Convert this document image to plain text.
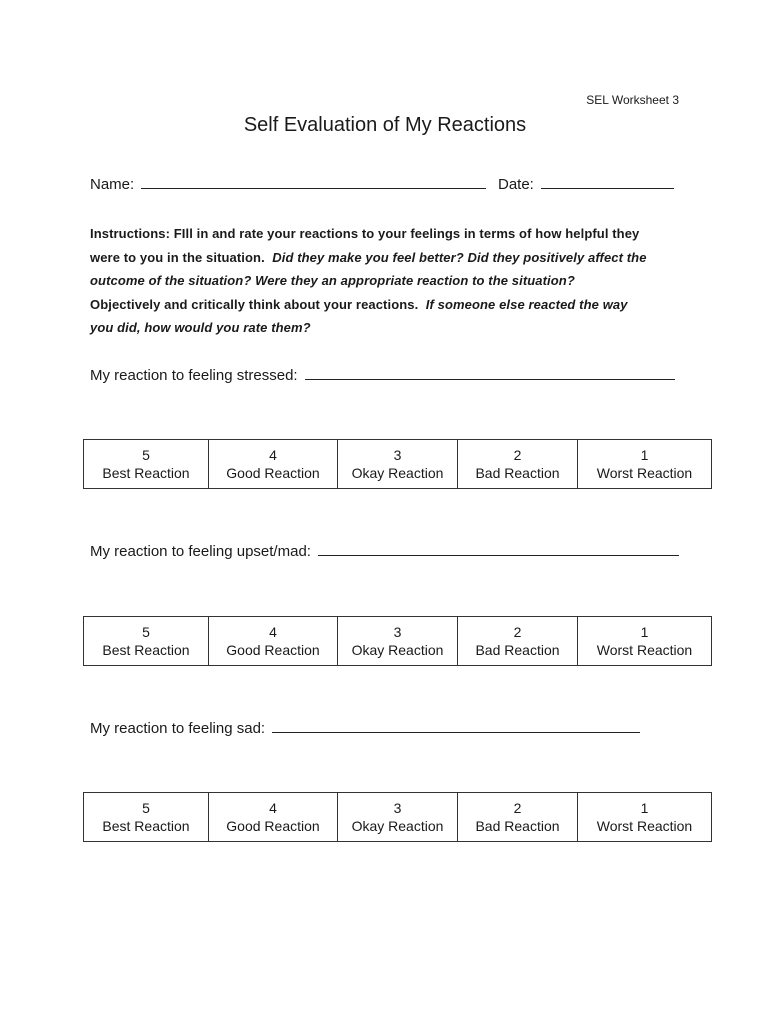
SEL Worksheet 3
Self Evaluation of My Reactions
Name:	Date:
Instructions: FIll in and rate your reactions to your feelings in terms of how helpful they
were to you in the situation. Did they make you feel better? Did they positively affect the
outcome of the situation? Were they an appropriate reaction to the situation?
Objectively and critically think about your reactions. If someone else reacted the way
you did, how would you rate them?
My reaction to feeling stressed:
5
Best Reaction

4
Good Reaction

3
Okay Reaction

2
Bad Reaction

1
Worst Reaction
My reaction to feeling upset/mad:
5
Best Reaction

4
Good Reaction

3
Okay Reaction

2
Bad Reaction

1
Worst Reaction
My reaction to feeling sad:
5
Best Reaction

4
Good Reaction

3
Okay Reaction

2
Bad Reaction

1
Worst Reaction
